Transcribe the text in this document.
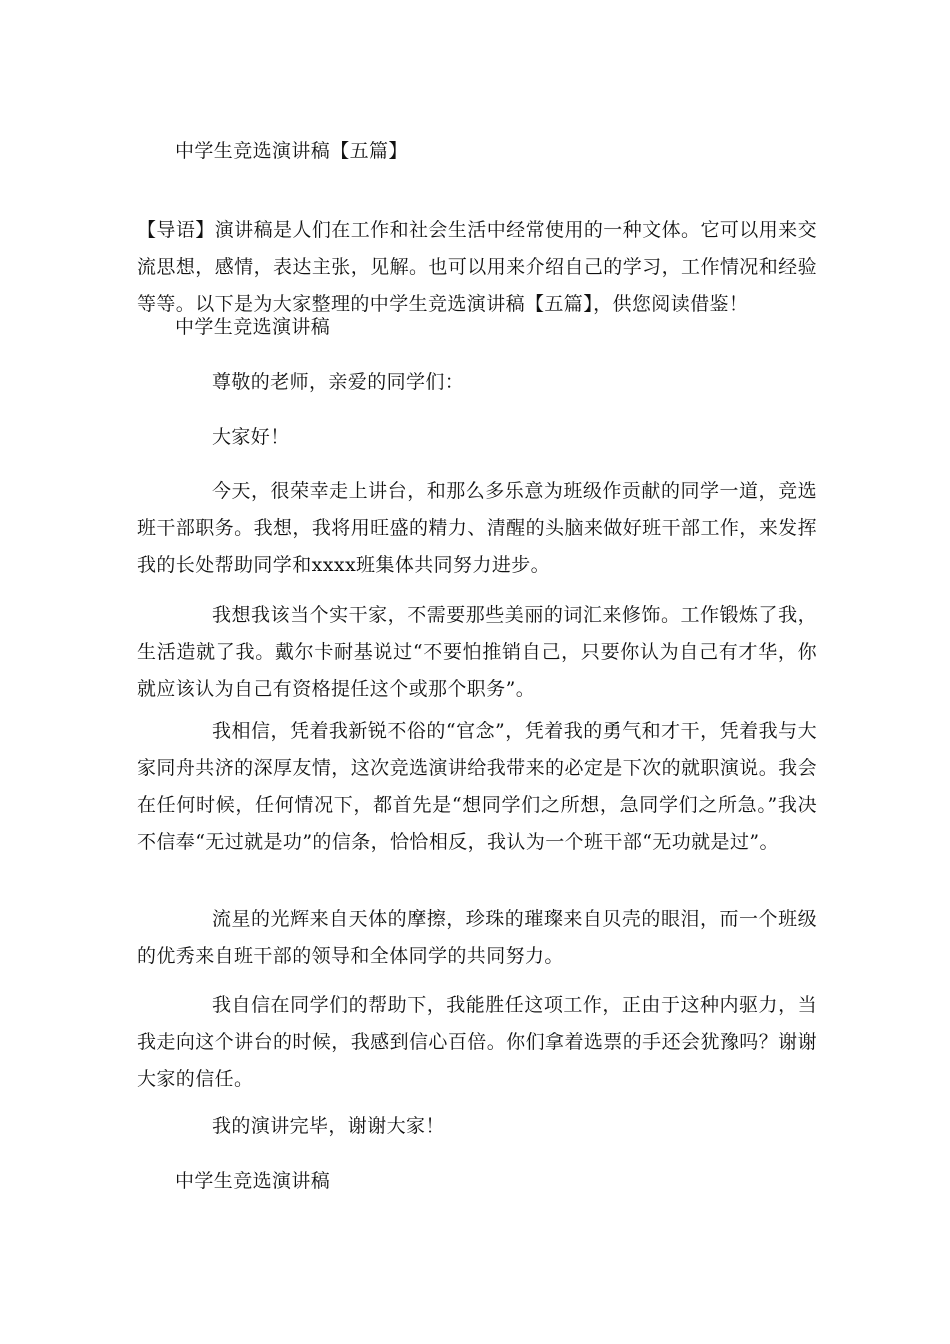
中学生竞选演讲稿【五篇】
【导语】演讲稿是人们在工作和社会生活中经常使用的一种文体。它可以用来交流思想，感情，表达主张，见解。也可以用来介绍自己的学习，工作情况和经验等等。以下是为大家整理的中学生竞选演讲稿【五篇】，供您阅读借鉴！
中学生竞选演讲稿
尊敬的老师，亲爱的同学们：
大家好！
今天，很荣幸走上讲台，和那么多乐意为班级作贡献的同学一道，竞选班干部职务。我想，我将用旺盛的精力、清醒的头脑来做好班干部工作，来发挥我的长处帮助同学和xxxx班集体共同努力进步。
我想我该当个实干家，不需要那些美丽的词汇来修饰。工作锻炼了我，生活造就了我。戴尔卡耐基说过“不要怕推销自己，只要你认为自己有才华，你就应该认为自己有资格提任这个或那个职务”。
我相信，凭着我新锐不俗的“官念”，凭着我的勇气和才干，凭着我与大家同舟共济的深厚友情，这次竞选演讲给我带来的必定是下次的就职演说。我会在任何时候，任何情况下，都首先是“想同学们之所想，急同学们之所急。”我决不信奉“无过就是功”的信条，恰恰相反，我认为一个班干部“无功就是过”。
流星的光辉来自天体的摩擦，珍珠的璀璨来自贝壳的眼泪，而一个班级的优秀来自班干部的领导和全体同学的共同努力。
我自信在同学们的帮助下，我能胜任这项工作，正由于这种内驱力，当我走向这个讲台的时候，我感到信心百倍。你们拿着选票的手还会犹豫吗？谢谢大家的信任。
我的演讲完毕，谢谢大家！
中学生竞选演讲稿
